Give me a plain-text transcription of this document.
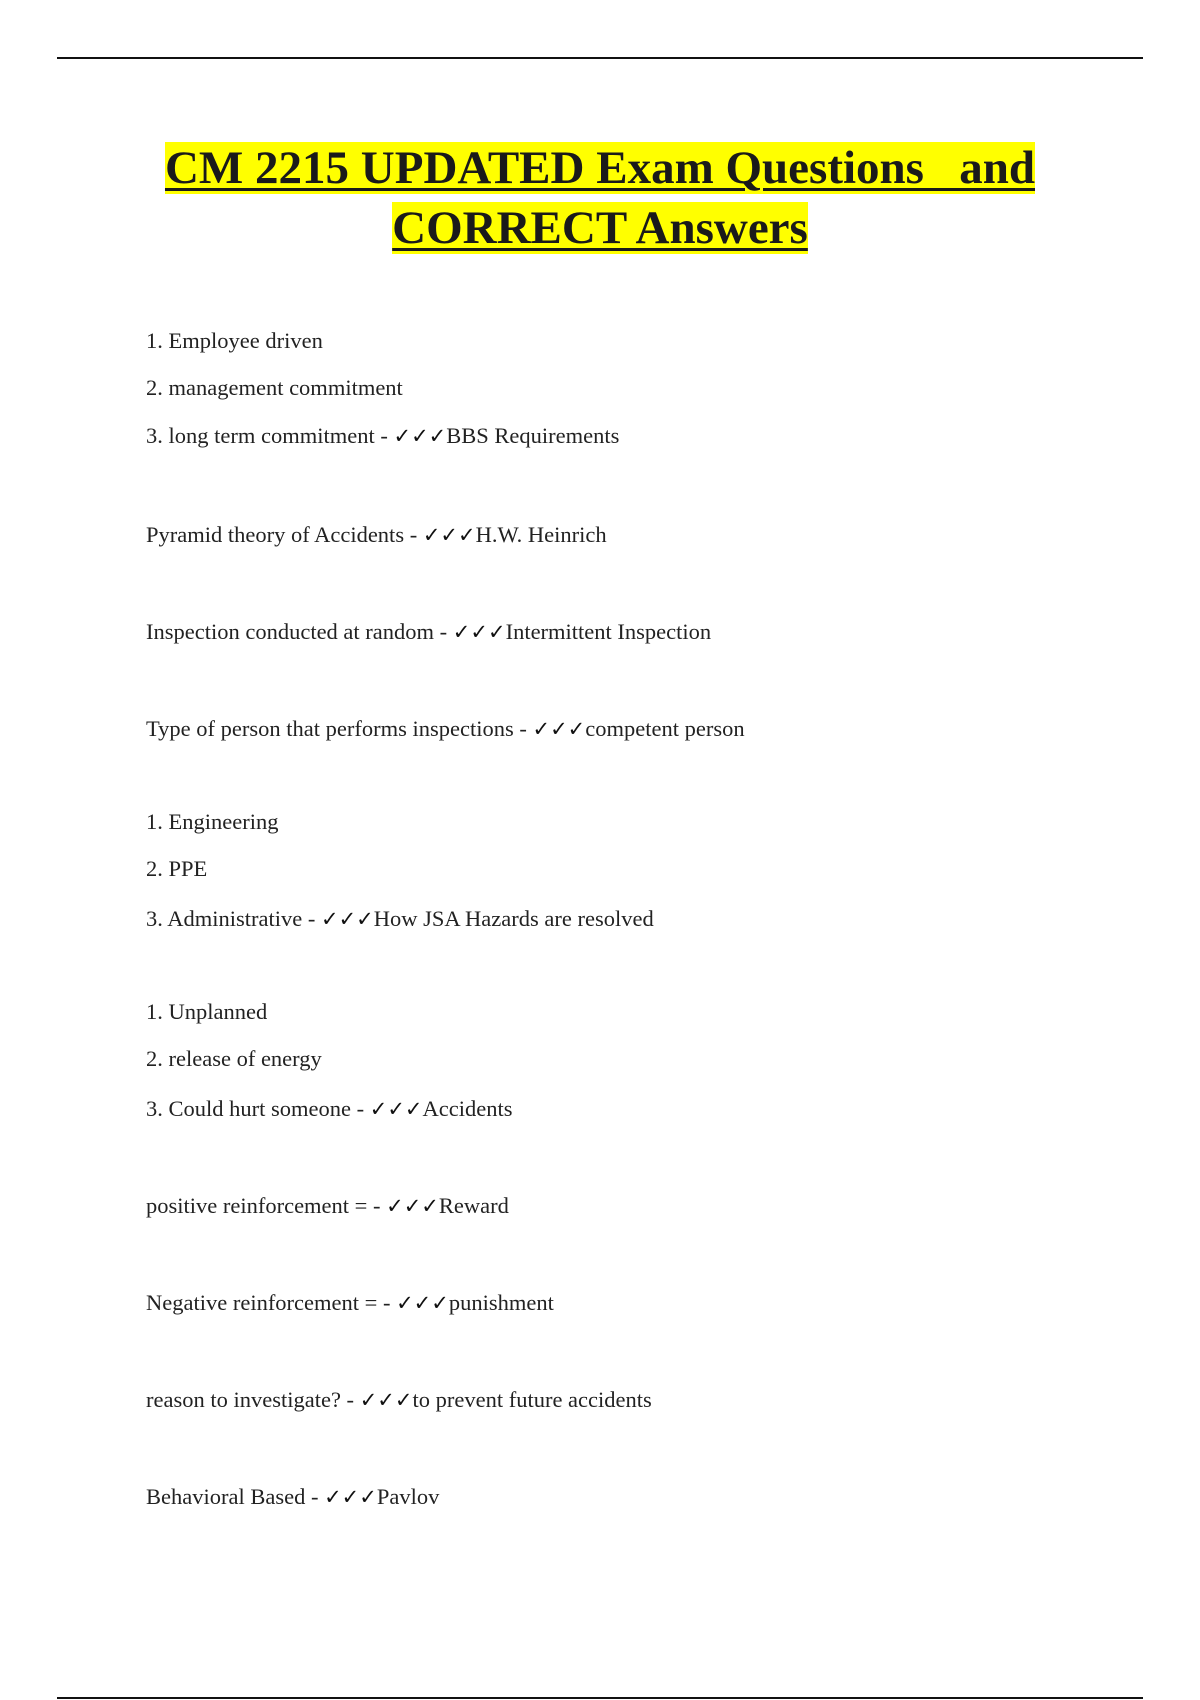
CM 2215 UPDATED Exam Questions   and
CORRECT Answers
1. Employee driven
2. management commitment
3. long term commitment - ✓✓✓BBS Requirements
Pyramid theory of Accidents - ✓✓✓H.W. Heinrich
Inspection conducted at random - ✓✓✓Intermittent Inspection
Type of person that performs inspections - ✓✓✓competent person
1. Engineering
2. PPE
3. Administrative - ✓✓✓How JSA Hazards are resolved
1. Unplanned
2. release of energy
3. Could hurt someone - ✓✓✓Accidents
positive reinforcement = - ✓✓✓Reward
Negative reinforcement = - ✓✓✓punishment
reason to investigate? - ✓✓✓to prevent future accidents
Behavioral Based - ✓✓✓Pavlov
